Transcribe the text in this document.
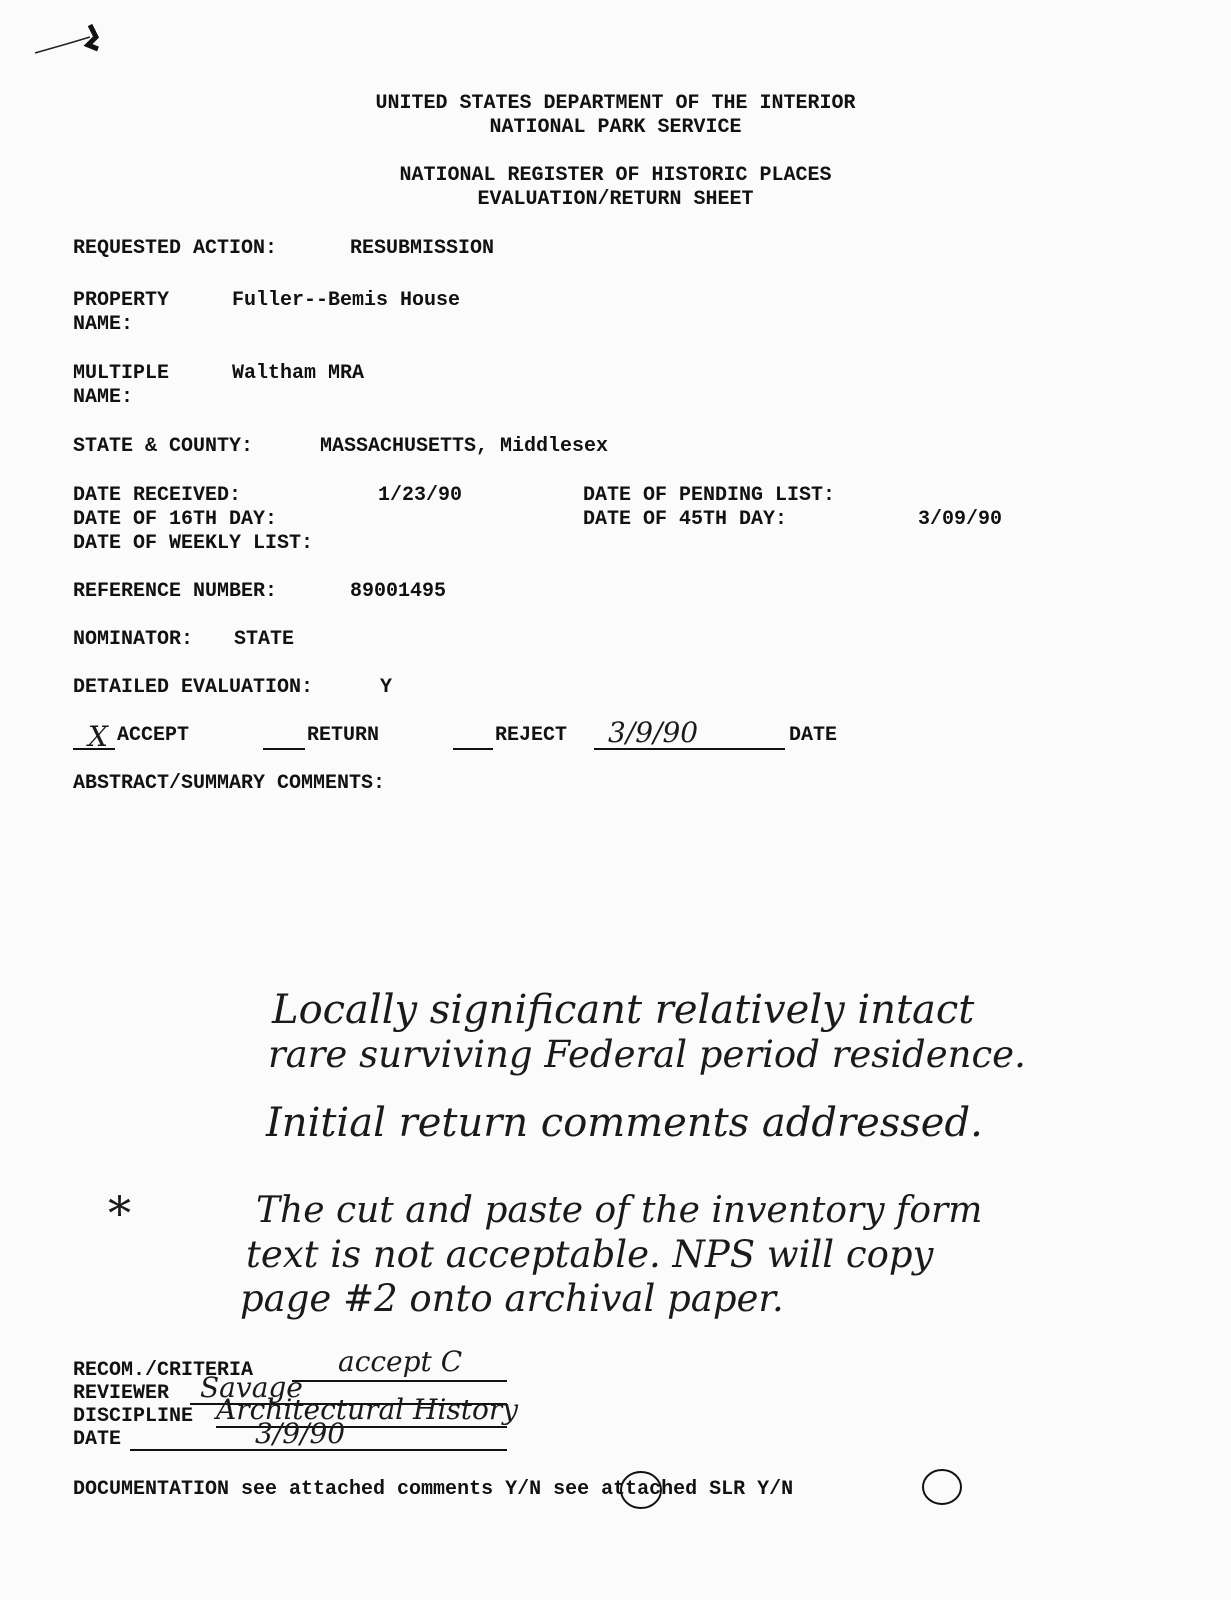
UNITED STATES DEPARTMENT OF THE INTERIOR
NATIONAL PARK SERVICE
NATIONAL REGISTER OF HISTORIC PLACES
EVALUATION/RETURN SHEET
REQUESTED ACTION:	RESUBMISSION
PROPERTY
NAME:
Fuller--Bemis House
MULTIPLE
NAME:
Waltham MRA
STATE & COUNTY:	MASSACHUSETTS, Middlesex
DATE RECEIVED:	1/23/90	DATE OF PENDING LIST:
DATE OF 16TH DAY:	DATE OF 45TH DAY:	3/09/90
DATE OF WEEKLY LIST:
REFERENCE NUMBER:	89001495
NOMINATOR: STATE
DETAILED EVALUATION:	Y
X ACCEPT	RETURN	REJECT 3/9/90	DATE
ABSTRACT/SUMMARY COMMENTS:
Locally significant relatively intact
rare surviving Federal period residence.
Initial return comments addressed.
*	The cut and paste of the inventory form
text is not acceptable. NPS will copy
page #2 onto archival paper.
RECOM./CRITERIA	accept C
REVIEWER Savage
DISCIPLINE Architectural History
DATE	3/9/90
DOCUMENTATION see attached comments Y/N see attached SLR Y/N
